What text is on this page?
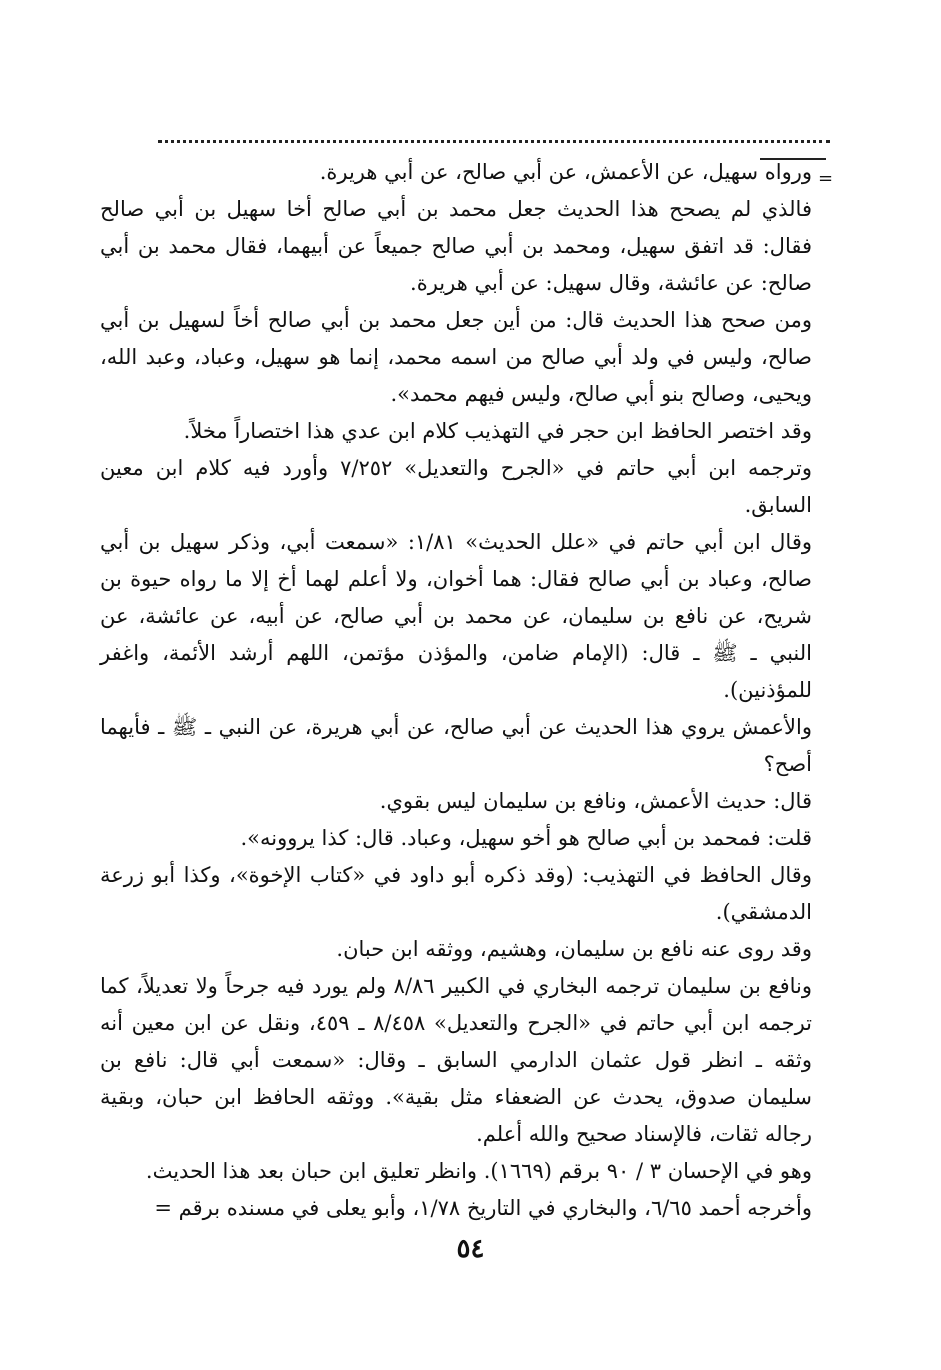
=

ورواه سهيل، عن الأعمش، عن أبي صالح، عن أبي هريرة.

فالذي لم يصحح هذا الحديث جعل محمد بن أبي صالح أخا سهيل بن أبي صالح فقال: قد اتفق سهيل، ومحمد بن أبي صالح جميعاً عن أبيهما، فقال محمد بن أبي صالح: عن عائشة، وقال سهيل: عن أبي هريرة.

ومن صحح هذا الحديث قال: من أين جعل محمد بن أبي صالح أخاً لسهيل بن أبي صالح، وليس في ولد أبي صالح من اسمه محمد، إنما هو سهيل، وعباد، وعبد الله، ويحيى، وصالح بنو أبي صالح، وليس فيهم محمد».

وقد اختصر الحافظ ابن حجر في التهذيب كلام ابن عدي هذا اختصاراً مخلاً.

وترجمه ابن أبي حاتم في «الجرح والتعديل» ٧/٢٥٢ وأورد فيه كلام ابن معين السابق.

وقال ابن أبي حاتم في «علل الحديث» ١/٨١: «سمعت أبي، وذكر سهيل بن أبي صالح، وعباد بن أبي صالح فقال: هما أخوان، ولا أعلم لهما أخ إلا ما رواه حيوة بن شريح، عن نافع بن سليمان، عن محمد بن أبي صالح، عن أبيه، عن عائشة، عن النبي ـ ﷺ ـ قال: (الإمام ضامن، والمؤذن مؤتمن، اللهم أرشد الأئمة، واغفر للمؤذنين).

والأعمش يروي هذا الحديث عن أبي صالح، عن أبي هريرة، عن النبي ـ ﷺ ـ فأيهما أصح؟

قال: حديث الأعمش، ونافع بن سليمان ليس بقوي.

قلت: فمحمد بن أبي صالح هو أخو سهيل، وعباد. قال: كذا يروونه».

وقال الحافظ في التهذيب: (وقد ذكره أبو داود في «كتاب الإخوة»، وكذا أبو زرعة الدمشقي).

وقد روى عنه نافع بن سليمان، وهشيم، ووثقه ابن حبان.

ونافع بن سليمان ترجمه البخاري في الكبير ٨/٨٦ ولم يورد فيه جرحاً ولا تعديلاً، كما ترجمه ابن أبي حاتم في «الجرح والتعديل» ٨/٤٥٨ ـ ٤٥٩، ونقل عن ابن معين أنه وثقه ـ انظر قول عثمان الدارمي السابق ـ وقال: «سمعت أبي قال: نافع بن سليمان صدوق، يحدث عن الضعفاء مثل بقية». ووثقه الحافظ ابن حبان، وبقية رجاله ثقات، فالإسناد صحيح والله أعلم.

وهو في الإحسان ٣ / ٩٠ برقم (١٦٦٩). وانظر تعليق ابن حبان بعد هذا الحديث.

وأخرجه أحمد ٦/٦٥، والبخاري في التاريخ ١/٧٨، وأبو يعلى في مسنده برقم =

٥٤
